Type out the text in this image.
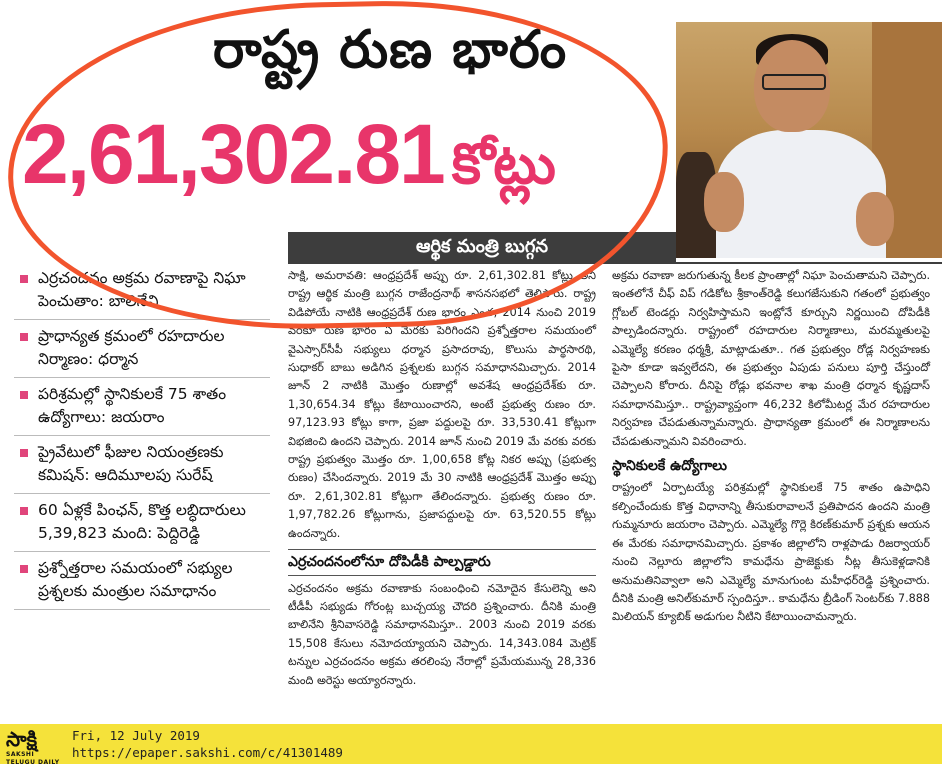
రాష్ట్ర రుణ భారం
2,61,302.81 కోట్లు
ఆర్థిక మంత్రి బుగ్గన
ఎర్రచందనం అక్రమ రవాణాపై నిఘా పెంచుతాం: బాలినేని
ప్రాధాన్యత క్రమంలో రహదారుల నిర్మాణం: ధర్మాన
పరిశ్రమల్లో స్థానికులకే 75 శాతం ఉద్యోగాలు: జయరాం
ప్రైవేటులో ఫీజుల నియంత్రణకు కమిషన్: ఆదిమూలపు సురేష్
60 ఏళ్లకే పింఛన్, కొత్త లబ్ధిదారులు 5,39,823 మంది: పెద్దిరెడ్డి
ప్రశ్నోత్తరాల సమయంలో సభ్యుల ప్రశ్నలకు మంత్రుల సమాధానం

సాక్షి, అమరావతి: ఆంధ్రప్రదేశ్ అప్పు రూ. 2,61,302.81 కోట్లు అని రాష్ట్ర ఆర్థిక మంత్రి బుగ్గన రాజేంద్రనాథ్ శాసనసభలో తెలిపారు. రాష్ట్ర విడిపోయే నాటికి ఆంధ్రప్రదేశ్ రుణ భారం ఎంత, 2014 నుంచి 2019 వరకూ రుణ భారం ఏ మేరకు పెరిగిందని ప్రశ్నోత్తరాల సమయంలో వైఎస్సార్‌సీపీ సభ్యులు ధర్మాన ప్రసాదరావు, కొలుసు పార్థసారథి, సుధాకర్ బాబు అడిగిన ప్రశ్నలకు బుగ్గన సమాధానమిచ్చారు. 2014 జూన్ 2 నాటికి మొత్తం రుణాల్లో అవశేష ఆంధ్రప్రదేశ్‌కు రూ. 1,30,654.34 కోట్లు కేటాయించారని, అంటే ప్రభుత్వ రుణం రూ. 97,123.93 కోట్లు కాగా, ప్రజా పద్దులపై రూ. 33,530.41 కోట్లుగా విభజించి ఉందని చెప్పారు. 2014 జూన్ నుంచి 2019 మే వరకు వరకు రాష్ట్ర ప్రభుత్వం మొత్తం రూ. 1,00,658 కోట్ల నికర అప్పు (ప్రభుత్వ రుణం) చేసిందన్నారు. 2019 మే 30 నాటికి ఆంధ్రప్రదేశ్ మొత్తం అప్పు రూ. 2,61,302.81 కోట్లుగా తేలిందన్నారు. ప్రభుత్వ రుణం రూ. 1,97,782.26 కోట్లుగాను, ప్రజాపద్దులపై రూ. 63,520.55 కోట్లు ఉందన్నారు.

ఎర్రచందనంలోనూ దోపిడీకి పాల్పడ్డారు

ఎర్రచందనం అక్రమ రవాణాకు సంబంధించి నమోదైన కేసులెన్ని అని టీడీపీ సభ్యుడు గోరంట్ల బుచ్చయ్య చౌదరి ప్రశ్నించారు. దీనికి మంత్రి బాలినేని శ్రీనివాసరెడ్డి సమాధానమిస్తూ.. 2003 నుంచి 2019 వరకు 15,508 కేసులు నమోదయ్యాయని చెప్పారు. 14,343.084 మెట్రిక్ టన్నుల ఎర్రచందనం అక్రమ తరలింపు నేరాల్లో ప్రమేయమున్న 28,336 మంది అరెస్టు అయ్యారన్నారు.

అక్రమ రవాణా జరుగుతున్న కీలక ప్రాంతాల్లో నిఘా పెంచుతామని చెప్పారు. ఇంతలోనే చీఫ్ విప్ గడికోట శ్రీకాంత్‌రెడ్డి కలుగజేసుకుని గతంలో ప్రభుత్వం గ్లోబల్ టెండర్లు నిర్వహిస్తామని ఇంట్లోనే కూర్చుని నిర్ణయించి దోపిడీకి పాల్పడిందన్నారు. రాష్ట్రంలో రహదారుల నిర్మాణాలు, మరమ్మతులపై ఎమ్మెల్యే కరణం ధర్మశ్రీ, మాట్లాడుతూ.. గత ప్రభుత్వం రోడ్ల నిర్వహణకు పైసా కూడా ఇవ్వలేదని, ఈ ప్రభుత్వం ఏపుడు పనులు పూర్తి చేస్తుందో చెప్పాలని కోరారు. దీనిపై రోడ్లు భవనాల శాఖ మంత్రి ధర్మాన కృష్ణదాస్ సమాధానమిస్తూ.. రాష్ట్రవ్యాప్తంగా 46,232 కిలోమీటర్ల మేర రహదారుల నిర్వహణ చేపడుతున్నామన్నారు. ప్రాధాన్యతా క్రమంలో ఈ నిర్మాణాలను చేపడుతున్నామని వివరించారు.

స్థానికులకే ఉద్యోగాలు

రాష్ట్రంలో ఏర్పాటయ్యే పరిశ్రమల్లో స్థానికులకే 75 శాతం ఉపాధిని కల్పించేందుకు కొత్త విధానాన్ని తీసుకురావాలనే ప్రతిపాదన ఉందని మంత్రి గుమ్మనూరు జయరాం చెప్పారు. ఎమ్మెల్యే గొర్లె కిరణ్‌కుమార్ ప్రశ్నకు ఆయన ఈ మేరకు సమాధానమిచ్చారు. ప్రకాశం జిల్లాలోని రాళ్లపాడు రిజర్వాయర్ నుంచి నెల్లూరు జిల్లాలోని కామధేను ప్రాజెక్టుకు నీట్ల తీసుకెళ్లడానికి అనుమతినివ్వాలా అని ఎమ్మెల్యే మానుగుంట మహీధర్‌రెడ్డి ప్రశ్నించారు. దీనికి మంత్రి అనిల్‌కుమార్ స్పందిస్తూ.. కామధేను బ్రీడింగ్ సెంటర్‌కు 7.888 మిలియన్ క్యూబిక్ అడుగుల నీటిని కేటాయించామన్నారు.

సాక్షి
SAKSHI TELUGU DAILY
Fri, 12 July 2019
https://epaper.sakshi.com/c/41301489
